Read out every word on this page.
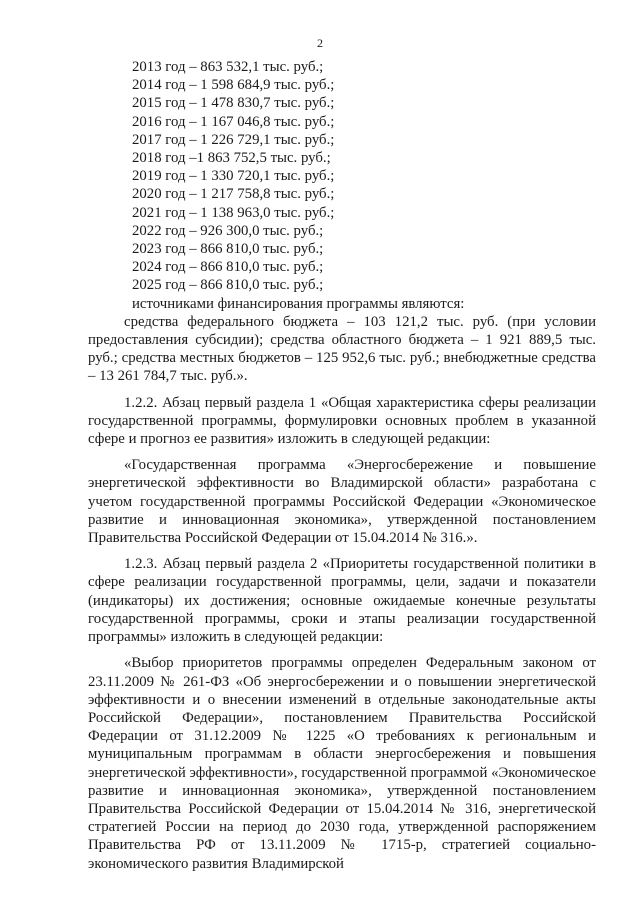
2
2013 год – 863 532,1 тыс. руб.;
2014 год – 1 598 684,9 тыс. руб.;
2015 год – 1 478 830,7 тыс. руб.;
2016 год – 1 167 046,8 тыс. руб.;
2017 год – 1 226 729,1 тыс. руб.;
2018 год –1 863 752,5 тыс. руб.;
2019 год – 1 330 720,1 тыс. руб.;
2020 год – 1 217 758,8 тыс. руб.;
2021 год – 1 138 963,0 тыс. руб.;
2022 год – 926 300,0 тыс. руб.;
2023 год – 866 810,0 тыс. руб.;
2024 год – 866 810,0 тыс. руб.;
2025 год – 866 810,0 тыс. руб.;
источниками финансирования программы являются:

средства федерального бюджета – 103 121,2 тыс. руб. (при условии предоставления субсидии); средства областного бюджета – 1 921 889,5 тыс. руб.; средства местных бюджетов – 125 952,6 тыс. руб.; внебюджетные средства – 13 261 784,7 тыс. руб.».

1.2.2. Абзац первый раздела 1 «Общая характеристика сферы реализации государственной программы, формулировки основных проблем в указанной сфере и прогноз ее развития» изложить в следующей редакции:

«Государственная программа «Энергосбережение и повышение энергетической эффективности во Владимирской области» разработана с учетом государственной программы Российской Федерации «Экономическое развитие и инновационная экономика», утвержденной постановлением Правительства Российской Федерации от 15.04.2014 № 316.».

1.2.3. Абзац первый раздела 2 «Приоритеты государственной политики в сфере реализации государственной программы, цели, задачи и показатели (индикаторы) их достижения; основные ожидаемые конечные результаты государственной программы, сроки и этапы реализации государственной программы» изложить в следующей редакции:

«Выбор приоритетов программы определен Федеральным законом от 23.11.2009 № 261-ФЗ «Об энергосбережении и о повышении энергетической эффективности и о внесении изменений в отдельные законодательные акты Российской Федерации», постановлением Правительства Российской Федерации от 31.12.2009 № 1225 «О требованиях к региональным и муниципальным программам в области энергосбережения и повышения энергетической эффективности», государственной программой «Экономическое развитие и инновационная экономика», утвержденной постановлением Правительства Российской Федерации от 15.04.2014 № 316, энергетической стратегией России на период до 2030 года, утвержденной распоряжением Правительства РФ от 13.11.2009 № 1715-р, стратегией социально-экономического развития Владимирской
